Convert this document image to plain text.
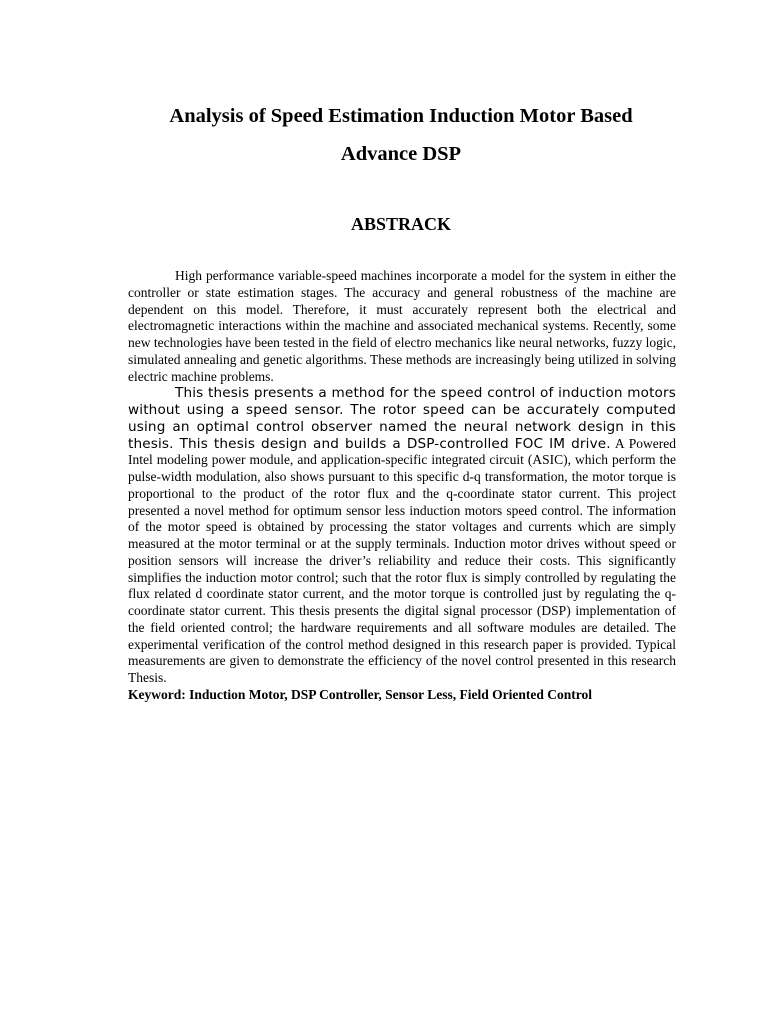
Analysis of Speed Estimation Induction Motor Based
Advance DSP
ABSTRACK

High performance variable-speed machines incorporate a model for the system in either the controller or state estimation stages. The accuracy and general robustness of the machine are dependent on this model. Therefore, it must accurately represent both the electrical and electromagnetic interactions within the machine and associated mechanical systems. Recently, some new technologies have been tested in the field of electro mechanics like neural networks, fuzzy logic, simulated annealing and genetic algorithms. These methods are increasingly being utilized in solving electric machine problems.

This thesis presents a method for the speed control of induction motors without using a speed sensor. The rotor speed can be accurately computed using an optimal control observer named the neural network design in this thesis. This thesis design and builds a DSP-controlled FOC IM drive. A Powered Intel modeling power module, and application-specific integrated circuit (ASIC), which perform the pulse-width modulation, also shows pursuant to this specific d-q transformation, the motor torque is proportional to the product of the rotor flux and the q-coordinate stator current. This project presented a novel method for optimum sensor less induction motors speed control. The information of the motor speed is obtained by processing the stator voltages and currents which are simply measured at the motor terminal or at the supply terminals. Induction motor drives without speed or position sensors will increase the driver’s reliability and reduce their costs. This significantly simplifies the induction motor control; such that the rotor flux is simply controlled by regulating the flux related d coordinate stator current, and the motor torque is controlled just by regulating the q-coordinate stator current. This thesis presents the digital signal processor (DSP) implementation of the field oriented control; the hardware requirements and all software modules are detailed. The experimental verification of the control method designed in this research paper is provided. Typical measurements are given to demonstrate the efficiency of the novel control presented in this research Thesis.

Keyword: Induction Motor, DSP Controller, Sensor Less, Field Oriented Control
